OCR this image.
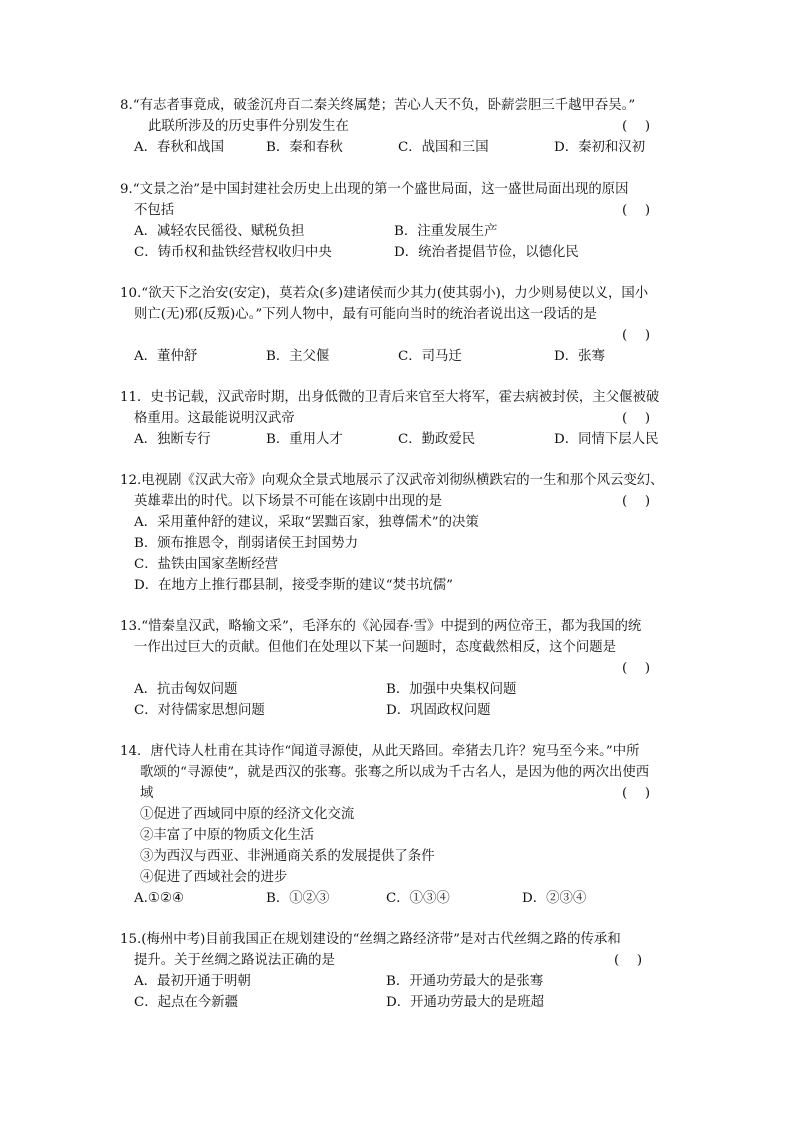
8.“有志者事竟成，破釜沉舟百二秦关终属楚；苦心人天不负，卧薪尝胆三千越甲吞吴。”
此联所涉及的历史事件分别发生在	(　 )
A．春秋和战国	B．秦和春秋	C．战国和三国	D．秦初和汉初
9.“文景之治”是中国封建社会历史上出现的第一个盛世局面，这一盛世局面出现的原因
不包括	(　 )
A．减轻农民徭役、赋税负担	B．注重发展生产
C．铸币权和盐铁经营权收归中央	D．统治者提倡节俭，以德化民
10.“欲天下之治安(安定)，莫若众(多)建诸侯而少其力(使其弱小)，力少则易使以义，国小
则亡(无)邪(反叛)心。”下列人物中，最有可能向当时的统治者说出这一段话的是
(　 )
A．董仲舒	B．主父偃	C．司马迁	D．张骞
11．史书记载，汉武帝时期，出身低微的卫青后来官至大将军，霍去病被封侯，主父偃被破
格重用。这最能说明汉武帝	(　 )
A．独断专行	B．重用人才	C．勤政爱民	D．同情下层人民
12.电视剧《汉武大帝》向观众全景式地展示了汉武帝刘彻纵横跌宕的一生和那个风云变幻、
英雄辈出的时代。以下场景不可能在该剧中出现的是	(　 )
A．采用董仲舒的建议，采取“罢黜百家，独尊儒术”的决策
B．颁布推恩令，削弱诸侯王封国势力
C．盐铁由国家垄断经营
D．在地方上推行郡县制，接受李斯的建议“焚书坑儒”
13.“惜秦皇汉武，略输文采”，毛泽东的《沁园春·雪》中提到的两位帝王，都为我国的统
一作出过巨大的贡献。但他们在处理以下某一问题时，态度截然相反，这个问题是
(　 )
A．抗击匈奴问题	B．加强中央集权问题
C．对待儒家思想问题	D．巩固政权问题
14．唐代诗人杜甫在其诗作“闻道寻源使，从此天路回。牵猪去几许？宛马至今来。”中所
歌颂的“寻源使”，就是西汉的张骞。张骞之所以成为千古名人，是因为他的两次出使西
域	(　 )
①促进了西域同中原的经济文化交流
②丰富了中原的物质文化生活
③为西汉与西亚、非洲通商关系的发展提供了条件
④促进了西域社会的进步
A.①②④	B．①②③	C．①③④	D．②③④
15.(梅州中考)目前我国正在规划建设的“丝绸之路经济带”是对古代丝绸之路的传承和
提升。关于丝绸之路说法正确的是	(　 )
A．最初开通于明朝	B．开通功劳最大的是张骞
C．起点在今新疆	D．开通功劳最大的是班超
